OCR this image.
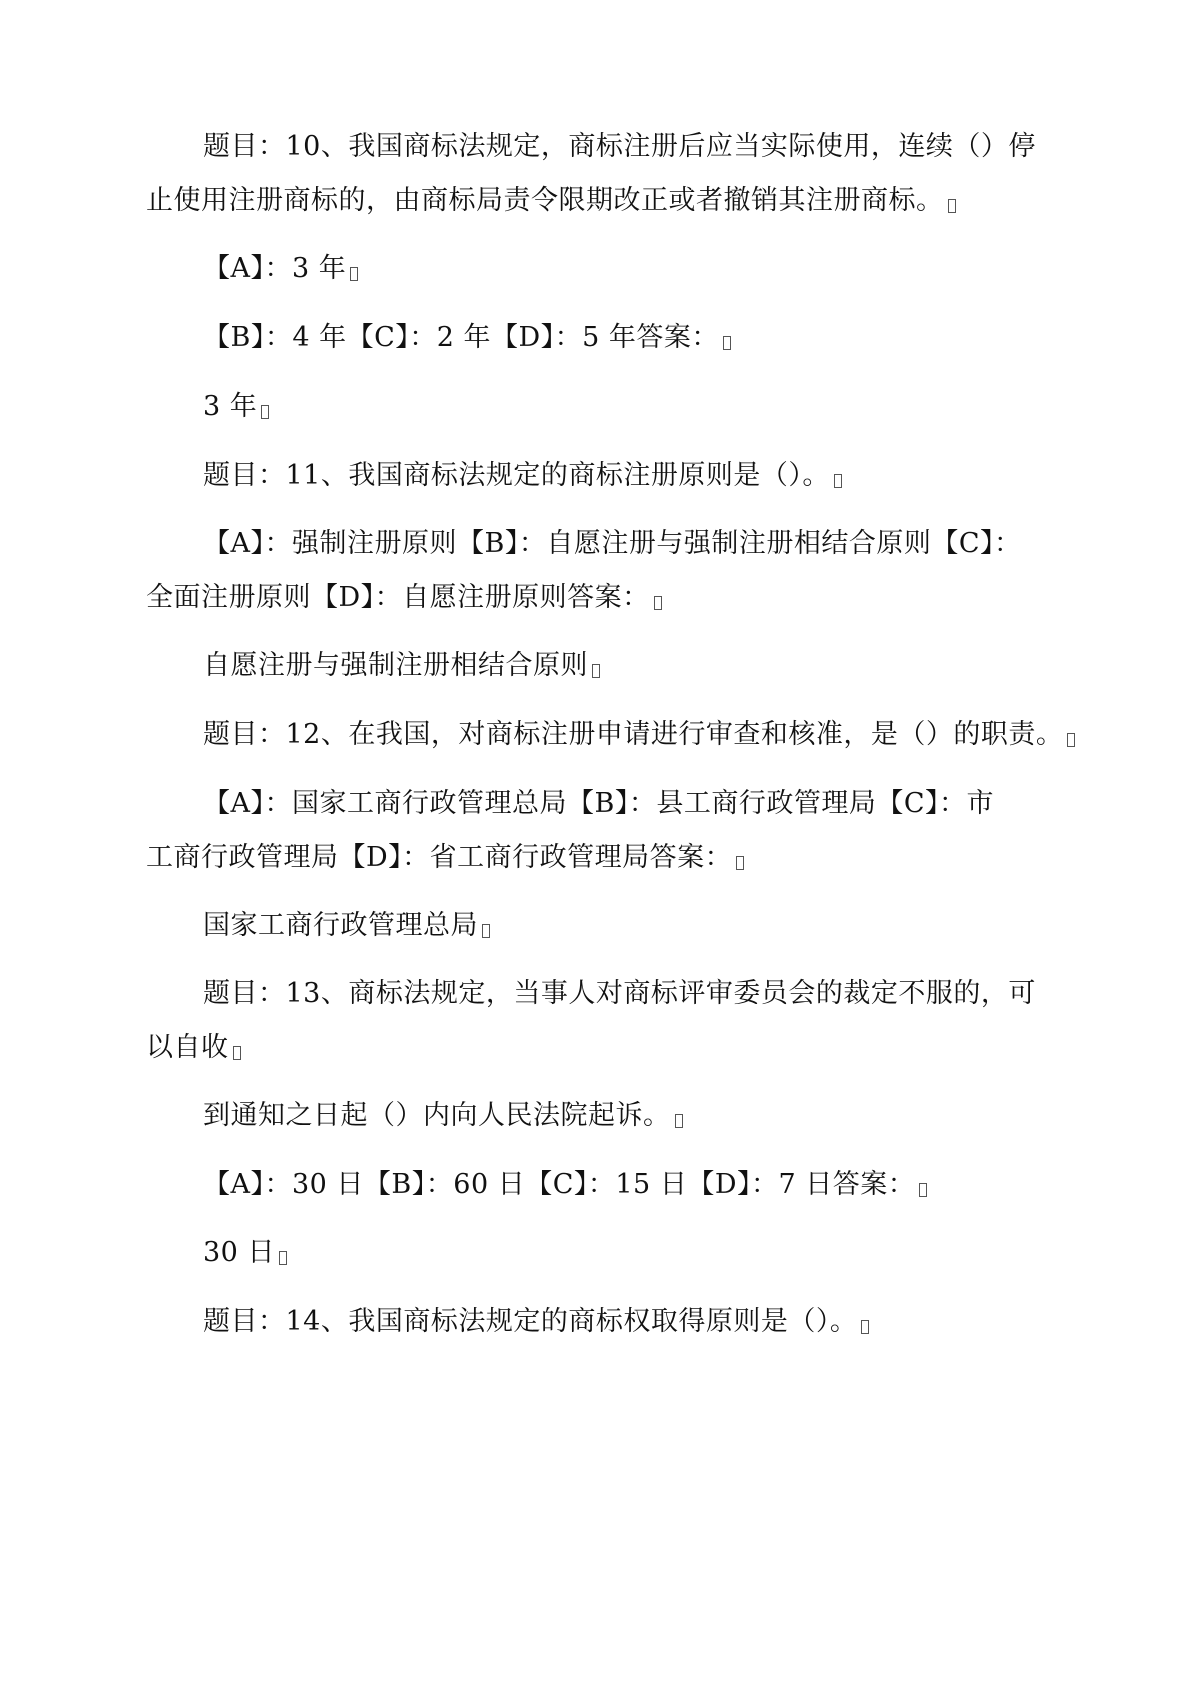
题目：10、我国商标法规定，商标注册后应当实际使用，连续（）停
止使用注册商标的，由商标局责令限期改正或者撤销其注册商标。
【A】：3 年
【B】：4 年【C】：2 年【D】：5 年答案：
3 年
题目：11、我国商标法规定的商标注册原则是（）。
【A】：强制注册原则【B】：自愿注册与强制注册相结合原则【C】：
全面注册原则【D】：自愿注册原则答案：
自愿注册与强制注册相结合原则
题目：12、在我国，对商标注册申请进行审查和核准，是（）的职责。
【A】：国家工商行政管理总局【B】：县工商行政管理局【C】：市
工商行政管理局【D】：省工商行政管理局答案：
国家工商行政管理总局
题目：13、商标法规定，当事人对商标评审委员会的裁定不服的，可
以自收
到通知之日起（）内向人民法院起诉。
【A】：30 日【B】：60 日【C】：15 日【D】：7 日答案：
30 日
题目：14、我国商标法规定的商标权取得原则是（）。
